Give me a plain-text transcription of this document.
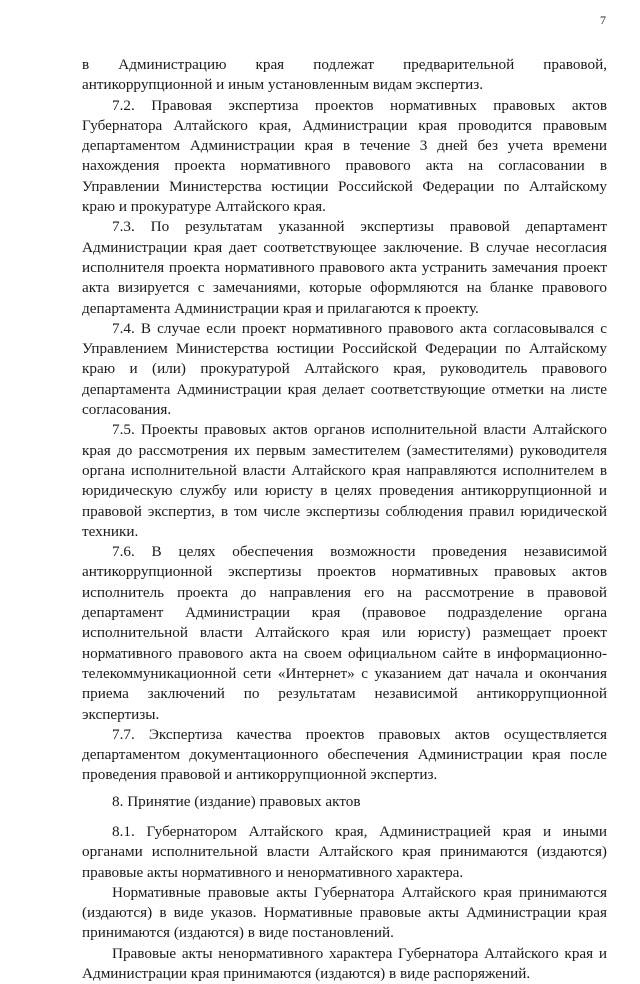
7

в Администрацию края подлежат предварительной правовой, антикоррупционной и иным установленным видам экспертиз.

7.2. Правовая экспертиза проектов нормативных правовых актов Губернатора Алтайского края, Администрации края проводится правовым департаментом Администрации края в течение 3 дней без учета времени нахождения проекта нормативного правового акта на согласовании в Управлении Министерства юстиции Российской Федерации по Алтайскому краю и прокуратуре Алтайского края.

7.3. По результатам указанной экспертизы правовой департамент Администрации края дает соответствующее заключение. В случае несогласия исполнителя проекта нормативного правового акта устранить замечания проект акта визируется с замечаниями, которые оформляются на бланке правового департамента Администрации края и прилагаются к проекту.

7.4. В случае если проект нормативного правового акта согласовывался с Управлением Министерства юстиции Российской Федерации по Алтайскому краю и (или) прокуратурой Алтайского края, руководитель правового департамента Администрации края делает соответствующие отметки на листе согласования.

7.5. Проекты правовых актов органов исполнительной власти Алтайского края до рассмотрения их первым заместителем (заместителями) руководителя органа исполнительной власти Алтайского края направляются исполнителем в юридическую службу или юристу в целях проведения антикоррупционной и правовой экспертиз, в том числе экспертизы соблюдения правил юридической техники.

7.6. В целях обеспечения возможности проведения независимой антикоррупционной экспертизы проектов нормативных правовых актов исполнитель проекта до направления его на рассмотрение в правовой департамент Администрации края (правовое подразделение органа исполнительной власти Алтайского края или юристу) размещает проект нормативного правового акта на своем официальном сайте в информационно-телекоммуникационной сети «Интернет» с указанием дат начала и окончания приема заключений по результатам независимой антикоррупционной экспертизы.

7.7. Экспертиза качества проектов правовых актов осуществляется департаментом документационного обеспечения Администрации края после проведения правовой и антикоррупционной экспертиз.

8. Принятие (издание) правовых актов

8.1. Губернатором Алтайского края, Администрацией края и иными органами исполнительной власти Алтайского края принимаются (издаются) правовые акты нормативного и ненормативного характера.

Нормативные правовые акты Губернатора Алтайского края принимаются (издаются) в виде указов. Нормативные правовые акты Администрации края принимаются (издаются) в виде постановлений.

Правовые акты ненормативного характера Губернатора Алтайского края и Администрации края принимаются (издаются) в виде распоряжений.
